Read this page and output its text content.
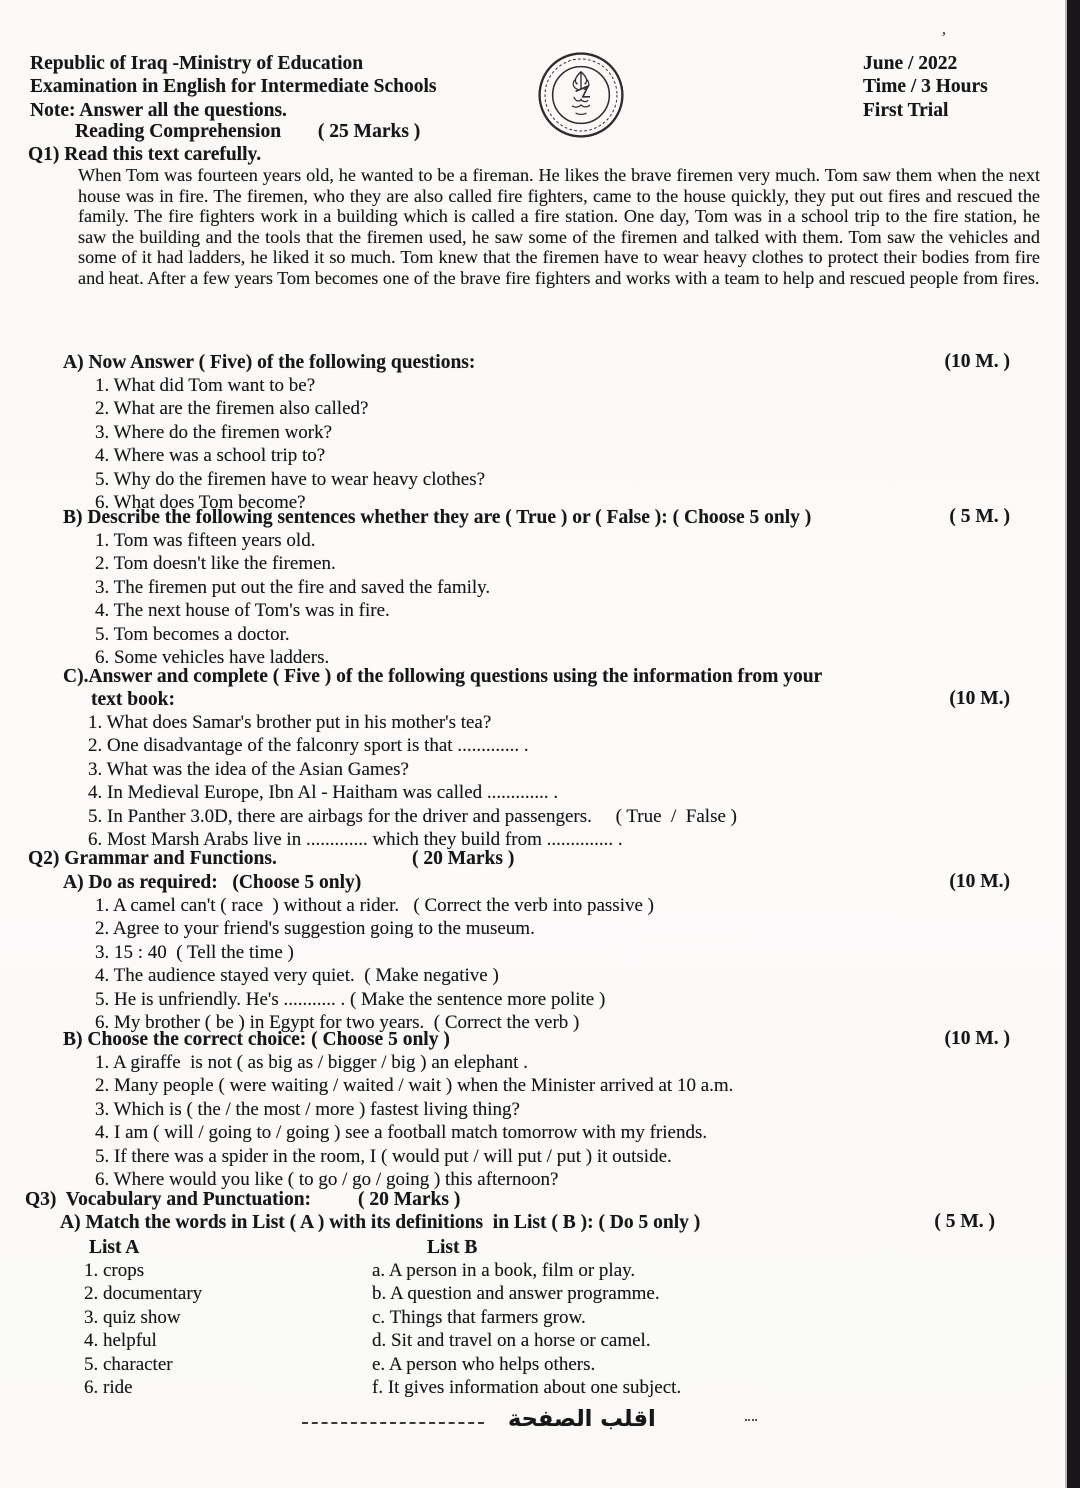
’
Republic of Iraq -Ministry of Education
Examination in English for Intermediate Schools
Note: Answer all the questions.
June / 2022
Time / 3 Hours
First Trial
Reading Comprehension ( 25 Marks )
Q1) Read this text carefully.
When Tom was fourteen years old, he wanted to be a fireman. He likes the brave firemen very much. Tom saw them when the next house was in fire. The firemen, who they are also called fire fighters, came to the house quickly, they put out fires and rescued the family. The fire fighters work in a building which is called a fire station. One day, Tom was in a school trip to the fire station, he saw the building and the tools that the firemen used, he saw some of the firemen and talked with them. Tom saw the vehicles and some of it had ladders, he liked it so much. Tom knew that the firemen have to wear heavy clothes to protect their bodies from fire and heat. After a few years Tom becomes one of the brave fire fighters and works with a team to help and rescued people from fires.
A) Now Answer ( Five) of the following questions:	(10 M. )
1. What did Tom want to be?
2. What are the firemen also called?
3. Where do the firemen work?
4. Where was a school trip to?
5. Why do the firemen have to wear heavy clothes?
6. What does Tom become?
B) Describe the following sentences whether they are ( True ) or ( False ): ( Choose 5 only )	( 5 M. )
1. Tom was fifteen years old.
2. Tom doesn't like the firemen.
3. The firemen put out the fire and saved the family.
4. The next house of Tom's was in fire.
5. Tom becomes a doctor.
6. Some vehicles have ladders.
C).Answer and complete ( Five ) of the following questions using the information from your
text book:	(10 M.)
1. What does Samar's brother put in his mother's tea?
2. One disadvantage of the falconry sport is that ............. .
3. What was the idea of the Asian Games?
4. In Medieval Europe, Ibn Al - Haitham was called ............. .
5. In Panther 3.0D, there are airbags for the driver and passengers.     ( True  /  False )
6. Most Marsh Arabs live in ............. which they build from .............. .
Q2) Grammar and Functions.	( 20 Marks )
A) Do as required:   (Choose 5 only)	(10 M.)
1. A camel can't ( race  ) without a rider.   ( Correct the verb into passive )
2. Agree to your friend's suggestion going to the museum.
3. 15 : 40  ( Tell the time )
4. The audience stayed very quiet.  ( Make negative )
5. He is unfriendly. He's ........... . ( Make the sentence more polite )
6. My brother ( be ) in Egypt for two years.  ( Correct the verb )
B) Choose the correct choice: ( Choose 5 only )	(10 M. )
1. A giraffe  is not ( as big as / bigger / big ) an elephant .
2. Many people ( were waiting / waited / wait ) when the Minister arrived at 10 a.m.
3. Which is ( the / the most / more ) fastest living thing?
4. I am ( will / going to / going ) see a football match tomorrow with my friends.
5. If there was a spider in the room, I ( would put / will put / put ) it outside.
6. Where would you like ( to go / go / going ) this afternoon?
Q3)  Vocabulary and Punctuation: ( 20 Marks )
A) Match the words in List ( A ) with its definitions  in List ( B ): ( Do 5 only )	( 5 M. )
List A	List B
1. crops	a. A person in a book, film or play.
2. documentary	b. A question and answer programme.
3. quiz show	c. Things that farmers grow.
4. helpful	d. Sit and travel on a horse or camel.
5. character	e. A person who helps others.
6. ride	f. It gives information about one subject.
اقلب الصفحة
